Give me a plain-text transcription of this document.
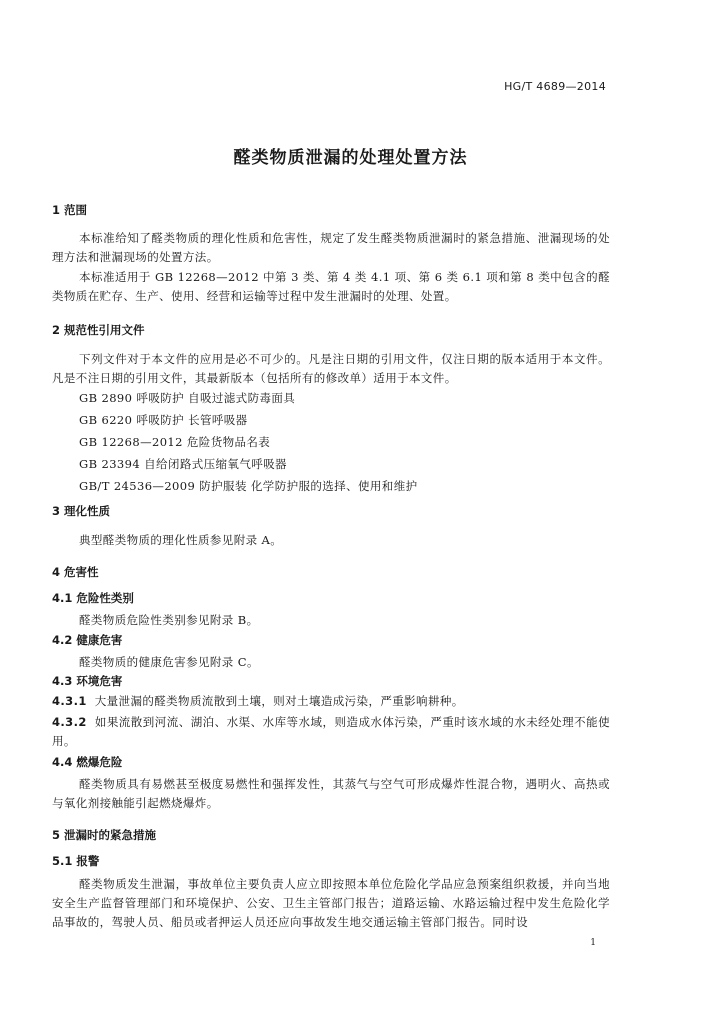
HG/T 4689—2014
醛类物质泄漏的处理处置方法
1 范围
本标准给知了醛类物质的理化性质和危害性，规定了发生醛类物质泄漏时的紧急措施、泄漏现场的处理方法和泄漏现场的处置方法。
本标准适用于 GB 12268—2012 中第 3 类、第 4 类 4.1 项、第 6 类 6.1 项和第 8 类中包含的醛类物质在贮存、生产、使用、经营和运输等过程中发生泄漏时的处理、处置。
2 规范性引用文件
下列文件对于本文件的应用是必不可少的。凡是注日期的引用文件，仅注日期的版本适用于本文件。凡是不注日期的引用文件，其最新版本（包括所有的修改单）适用于本文件。
GB 2890 呼吸防护 自吸过滤式防毒面具
GB 6220 呼吸防护 长管呼吸器
GB 12268—2012 危险货物品名表
GB 23394 自给闭路式压缩氧气呼吸器
GB/T 24536—2009 防护服装 化学防护服的选择、使用和维护
3 理化性质
典型醛类物质的理化性质参见附录 A。
4 危害性
4.1 危险性类别
醛类物质危险性类别参见附录 B。
4.2 健康危害
醛类物质的健康危害参见附录 C。
4.3 环境危害
4.3.1 大量泄漏的醛类物质流散到土壤，则对土壤造成污染，严重影响耕种。
4.3.2 如果流散到河流、湖泊、水渠、水库等水域，则造成水体污染，严重时该水域的水未经处理不能使用。
4.4 燃爆危险
醛类物质具有易燃甚至极度易燃性和强挥发性，其蒸气与空气可形成爆炸性混合物，遇明火、高热或与氧化剂接触能引起燃烧爆炸。
5 泄漏时的紧急措施
5.1 报警
醛类物质发生泄漏，事故单位主要负责人应立即按照本单位危险化学品应急预案组织救援，并向当地安全生产监督管理部门和环境保护、公安、卫生主管部门报告；道路运输、水路运输过程中发生危险化学品事故的，驾驶人员、船员或者押运人员还应向事故发生地交通运输主管部门报告。同时设
1
